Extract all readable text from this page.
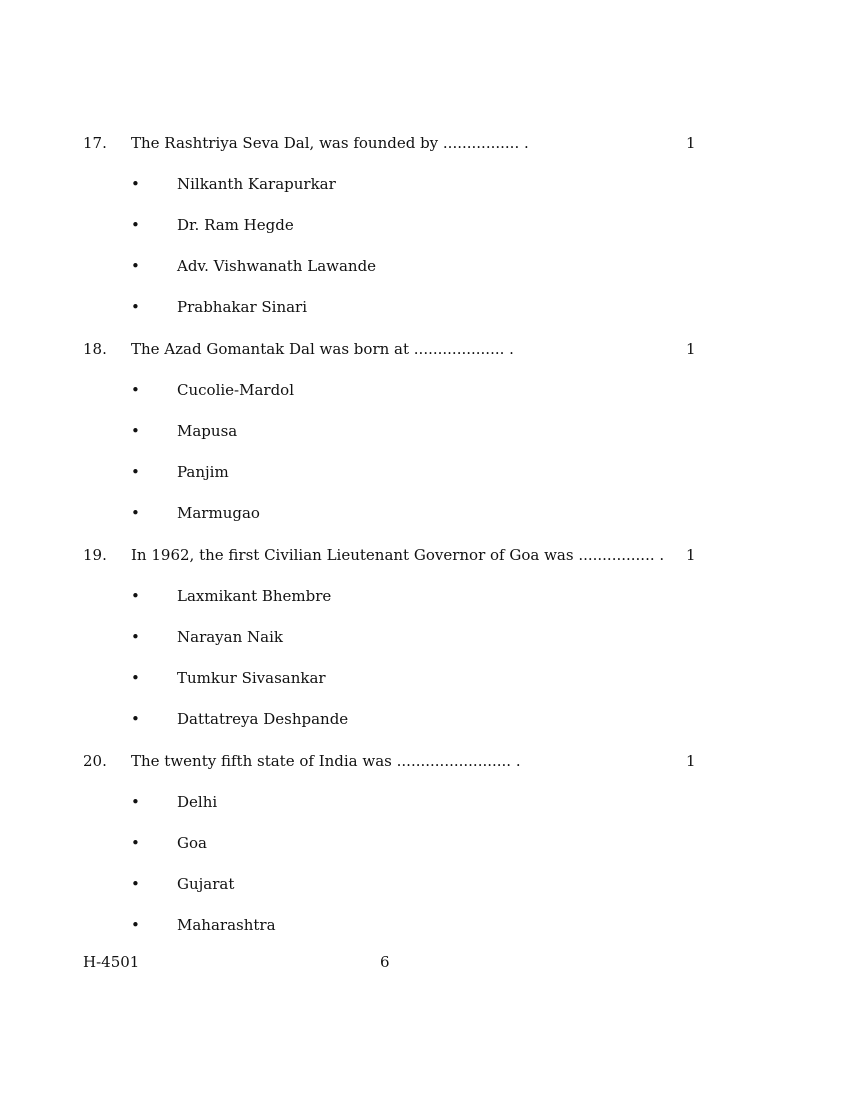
17. The Rashtriya Seva Dal, was founded by ................ .	1
• Nilkanth Karapurkar
• Dr. Ram Hegde
• Adv. Vishwanath Lawande
• Prabhakar Sinari
18. The Azad Gomantak Dal was born at ................... .	1
• Cucolie-Mardol
• Mapusa
• Panjim
• Marmugao
19. In 1962, the first Civilian Lieutenant Governor of Goa was ................ . 1
• Laxmikant Bhembre
• Narayan Naik
• Tumkur Sivasankar
• Dattatreya Deshpande
20. The twenty fifth state of India was ........................ .	1
• Delhi
• Goa
• Gujarat
• Maharashtra
H-4501	6
